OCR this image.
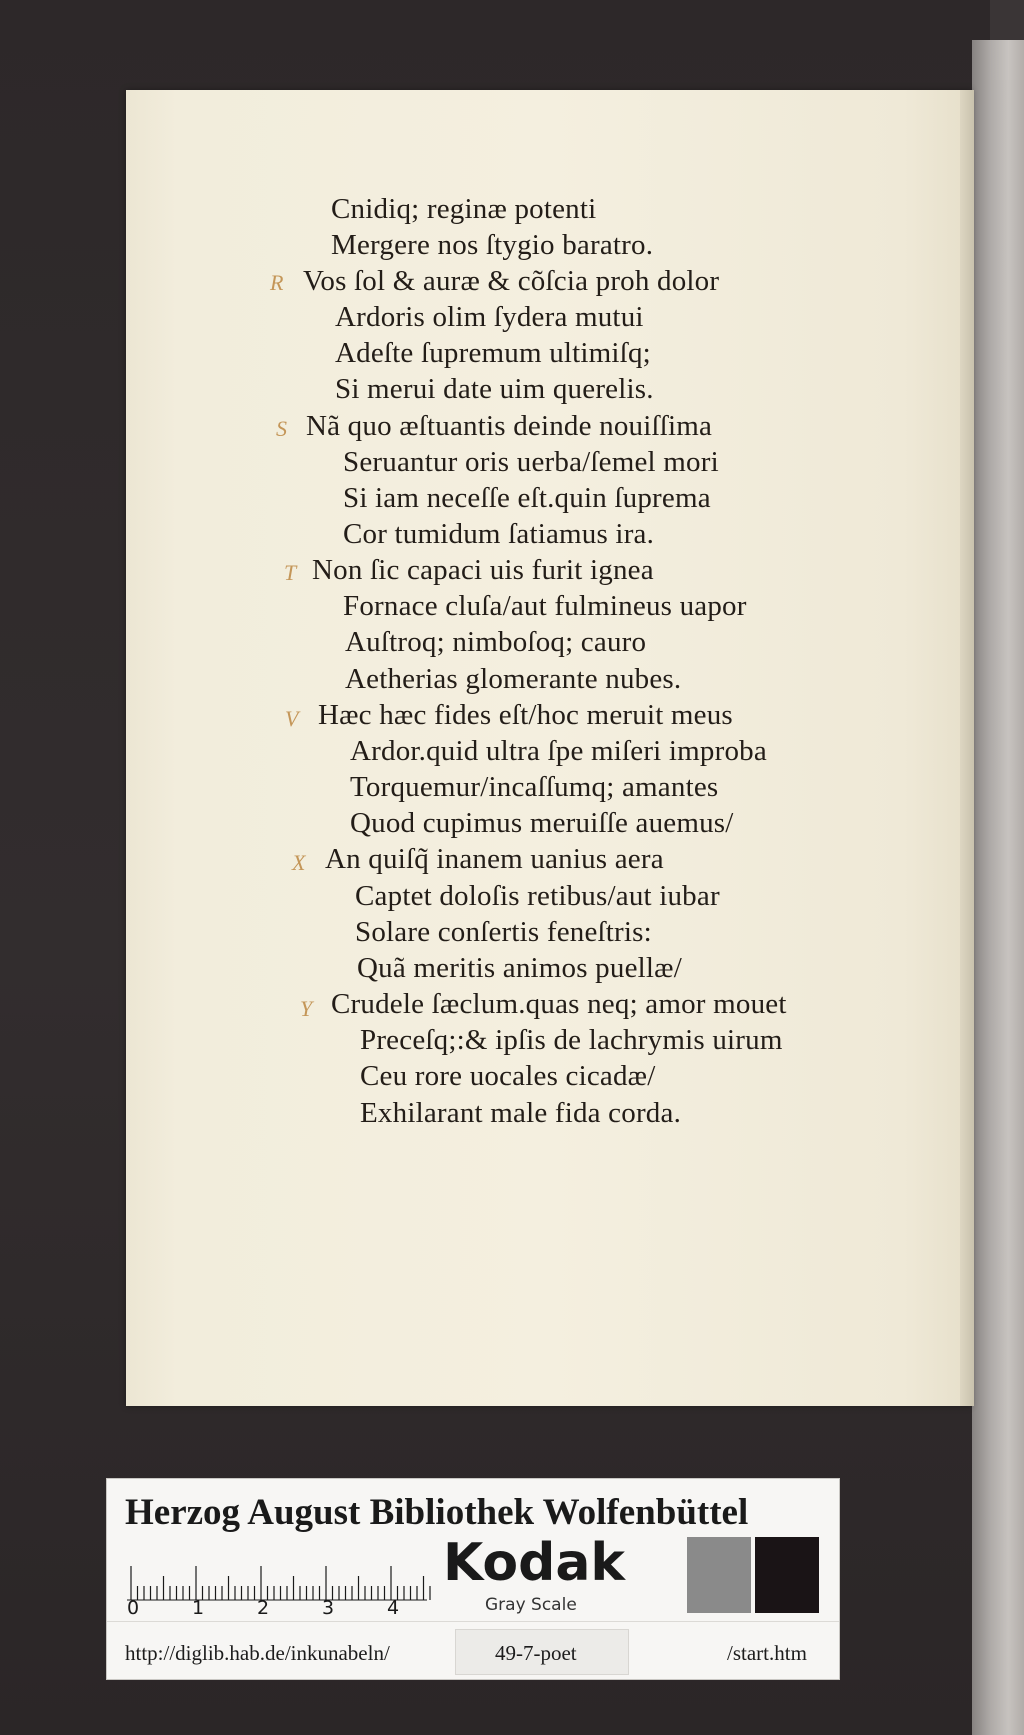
Cnidiq; reginæ potenti
Mergere nos ſtygio baratro.
Vos ſol & auræ & cõſcia proh dolor
Ardoris olim ſydera mutui
Adeſte ſupremum ultimiſq;
Si merui date uim querelis.
Nã quo æſtuantis deinde nouiſſima
Seruantur oris uerba/ſemel mori
Si iam neceſſe eſt.quin ſuprema
Cor tumidum ſatiamus ira.
Non ſic capaci uis furit ignea
Fornace cluſa/aut fulmineus uapor
Auſtroq; nimboſoq; cauro
Aetherias glomerante nubes.
Hæc hæc fides eſt/hoc meruit meus
Ardor.quid ultra ſpe miſeri improba
Torquemur/incaſſumq; amantes
Quod cupimus meruiſſe auemus/
An quiſq̃ inanem uanius aera
Captet doloſis retibus/aut iubar
Solare conſertis feneſtris:
Quã meritis animos puellæ/
Crudele ſæclum.quas neq; amor mouet
Preceſq;:& ipſis de lachrymis uirum
Ceu rore uocales cicadæ/
Exhilarant male fida corda.
R
S
T
V
X
Y
Herzog August Bibliothek Wolfenbüttel
0	1	2	3	4
Kodak
Gray Scale
http://diglib.hab.de/inkunabeln/	49-7-poet	/start.htm
